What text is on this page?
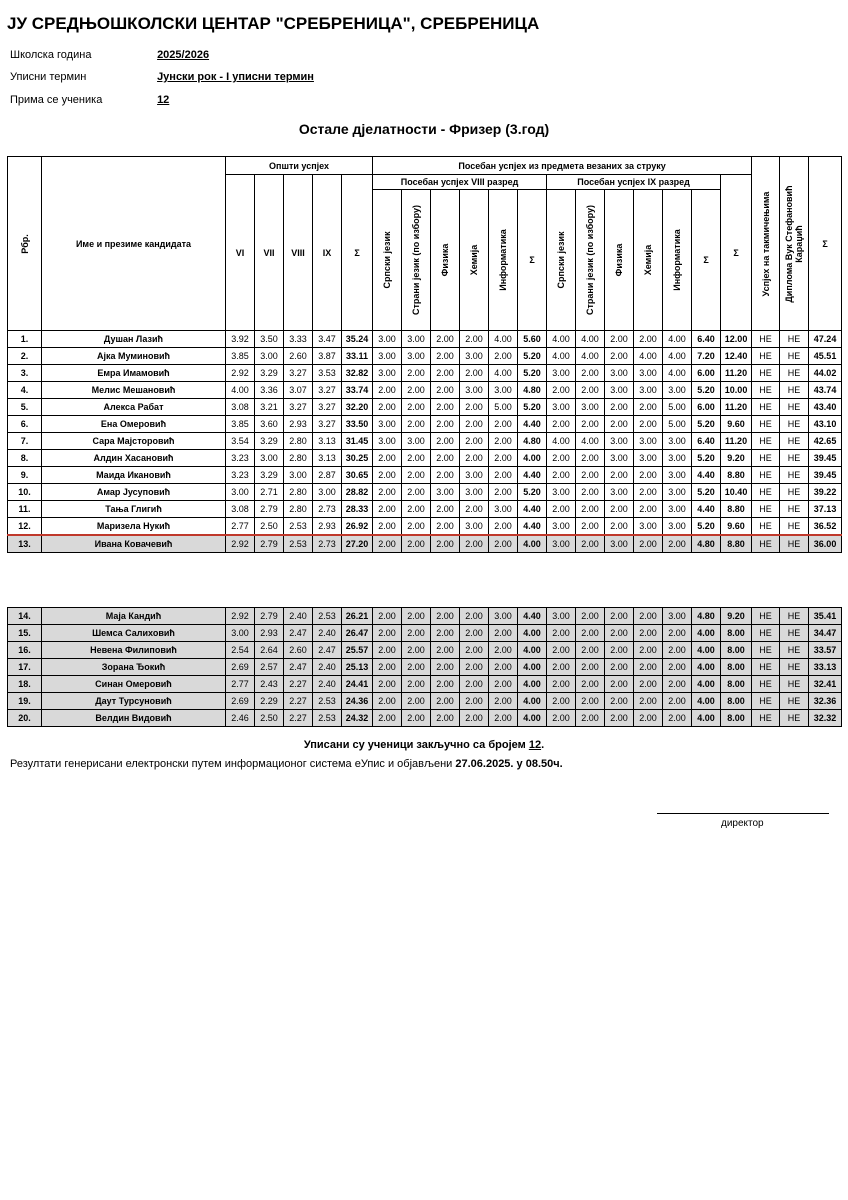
ЈУ СРЕДЊОШКОЛСКИ ЦЕНТАР "СРЕБРЕНИЦА", СРЕБРЕНИЦА
Школска година	2025/2026
Уписни термин	Јунски рок - I уписни термин
Прима се ученика	12
Остале дјелатности - Фризер (3.год)
Рбр.	Име и презиме кандидата	Општи успјех					Посебан успјех из предмета везаних за струку													Успјех на такмичењима	Диплома Вук Стефановић Караџић	Σ
		VI	VII	VIII	IX	Σ	Посебан успјех VIII разред						Посебан успјех IX разред						Σ			

							Српски језик	Страни језик (по избору)	Физика	Хемија	Информатика	Σ	Српски језик	Страни језик (по избору)	Физика	Хемија	Информатика	Σ				
1.	Душан Лазић	3.92	3.50	3.33	3.47	35.24	3.00	3.00	2.00	2.00	4.00	5.60	4.00	4.00	2.00	2.00	4.00	6.40	12.00	НЕ	НЕ	47.24
2.	Ајка Муминовић	3.85	3.00	2.60	3.87	33.11	3.00	3.00	2.00	3.00	2.00	5.20	4.00	4.00	2.00	4.00	4.00	7.20	12.40	НЕ	НЕ	45.51
3.	Емра Имамовић	2.92	3.29	3.27	3.53	32.82	3.00	2.00	2.00	2.00	4.00	5.20	3.00	2.00	3.00	3.00	4.00	6.00	11.20	НЕ	НЕ	44.02
4.	Мелис Мешановић	4.00	3.36	3.07	3.27	33.74	2.00	2.00	2.00	3.00	3.00	4.80	2.00	2.00	3.00	3.00	3.00	5.20	10.00	НЕ	НЕ	43.74
5.	Алекса Рабат	3.08	3.21	3.27	3.27	32.20	2.00	2.00	2.00	2.00	5.00	5.20	3.00	3.00	2.00	2.00	5.00	6.00	11.20	НЕ	НЕ	43.40
6.	Ена Омеровић	3.85	3.60	2.93	3.27	33.50	3.00	2.00	2.00	2.00	2.00	4.40	2.00	2.00	2.00	2.00	5.00	5.20	9.60	НЕ	НЕ	43.10
7.	Сара Мајсторовић	3.54	3.29	2.80	3.13	31.45	3.00	3.00	2.00	2.00	2.00	4.80	4.00	4.00	3.00	3.00	3.00	6.40	11.20	НЕ	НЕ	42.65
8.	Алдин Хасановић	3.23	3.00	2.80	3.13	30.25	2.00	2.00	2.00	2.00	2.00	4.00	2.00	2.00	3.00	3.00	3.00	5.20	9.20	НЕ	НЕ	39.45
9.	Маида Икановић	3.23	3.29	3.00	2.87	30.65	2.00	2.00	2.00	3.00	2.00	4.40	2.00	2.00	2.00	2.00	3.00	4.40	8.80	НЕ	НЕ	39.45
10.	Амар Јусуповић	3.00	2.71	2.80	3.00	28.82	2.00	2.00	3.00	3.00	2.00	5.20	3.00	2.00	3.00	2.00	3.00	5.20	10.40	НЕ	НЕ	39.22
11.	Тања Глигић	3.08	2.79	2.80	2.73	28.33	2.00	2.00	2.00	2.00	3.00	4.40	2.00	2.00	2.00	2.00	3.00	4.40	8.80	НЕ	НЕ	37.13
12.	Маризела Нукић	2.77	2.50	2.53	2.93	26.92	2.00	2.00	2.00	3.00	2.00	4.40	3.00	2.00	2.00	3.00	3.00	5.20	9.60	НЕ	НЕ	36.52
13.	Ивана Ковачевић	2.92	2.79	2.53	2.73	27.20	2.00	2.00	2.00	2.00	2.00	4.00	3.00	2.00	3.00	2.00	2.00	4.80	8.80	НЕ	НЕ	36.00
14.	Маја Кандић	2.92	2.79	2.40	2.53	26.21	2.00	2.00	2.00	2.00	3.00	4.40	3.00	2.00	2.00	2.00	3.00	4.80	9.20	НЕ	НЕ	35.41
15.	Шемса Салиховић	3.00	2.93	2.47	2.40	26.47	2.00	2.00	2.00	2.00	2.00	4.00	2.00	2.00	2.00	2.00	2.00	4.00	8.00	НЕ	НЕ	34.47
16.	Невена Филиповић	2.54	2.64	2.60	2.47	25.57	2.00	2.00	2.00	2.00	2.00	4.00	2.00	2.00	2.00	2.00	2.00	4.00	8.00	НЕ	НЕ	33.57
17.	Зорана Ђокић	2.69	2.57	2.47	2.40	25.13	2.00	2.00	2.00	2.00	2.00	4.00	2.00	2.00	2.00	2.00	2.00	4.00	8.00	НЕ	НЕ	33.13
18.	Синан Омеровић	2.77	2.43	2.27	2.40	24.41	2.00	2.00	2.00	2.00	2.00	4.00	2.00	2.00	2.00	2.00	2.00	4.00	8.00	НЕ	НЕ	32.41
19.	Даут Турсуновић	2.69	2.29	2.27	2.53	24.36	2.00	2.00	2.00	2.00	2.00	4.00	2.00	2.00	2.00	2.00	2.00	4.00	8.00	НЕ	НЕ	32.36
20.	Велдин Видовић	2.46	2.50	2.27	2.53	24.32	2.00	2.00	2.00	2.00	2.00	4.00	2.00	2.00	2.00	2.00	2.00	4.00	8.00	НЕ	НЕ	32.32
Уписани су ученици закључно са бројем 12.
Резултати генерисани електронски путем информационог система еУпис и објављени 27.06.2025. у 08.50ч.
директор
